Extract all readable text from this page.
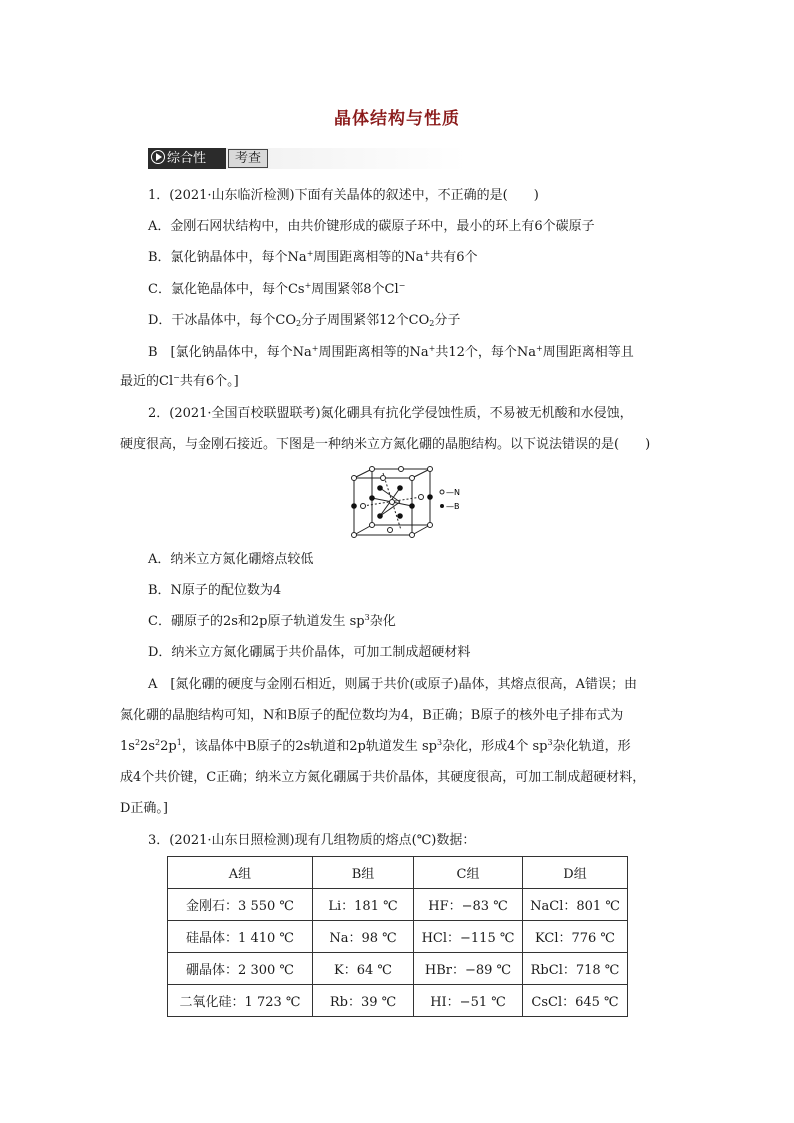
晶体结构与性质
综合性	考查
1．(2021·山东临沂检测)下面有关晶体的叙述中，不正确的是(　　)
A．金刚石网状结构中，由共价键形成的碳原子环中，最小的环上有6个碳原子
B．氯化钠晶体中，每个Na+周围距离相等的Na+共有6个
C．氯化铯晶体中，每个Cs+周围紧邻8个Cl−
D．干冰晶体中，每个$CO_2$分子周围紧邻12个$CO_2$分子
B　[氯化钠晶体中，每个Na+周围距离相等的Na+共12个，每个Na+周围距离相等且
最近的Cl−共有6个。]
2．(2021·全国百校联盟联考)氮化硼具有抗化学侵蚀性质，不易被无机酸和水侵蚀，
硬度很高，与金刚石接近。下图是一种纳米立方氮化硼的晶胞结构。以下说法错误的是(　　)
—N
—B
A．纳米立方氮化硼熔点较低
B．N原子的配位数为4
C．硼原子的2s和2p原子轨道发生 $sp^3$杂化
D．纳米立方氮化硼属于共价晶体，可加工制成超硬材料
A　[氮化硼的硬度与金刚石相近，则属于共价(或原子)晶体，其熔点很高，A错误；由
氮化硼的晶胞结构可知，N和B原子的配位数均为4，B正确；B原子的核外电子排布式为
$1s^22s^22p^1$，该晶体中B原子的2s轨道和2p轨道发生 $sp^3$杂化，形成4个 $sp^3$杂化轨道，形
成4个共价键，C正确；纳米立方氮化硼属于共价晶体，其硬度很高，可加工制成超硬材料，
D正确。]
3．(2021·山东日照检测)现有几组物质的熔点(℃)数据：
A组	B组	C组	D组
金刚石：3 550 ℃	Li：181 ℃	HF：−83 ℃	NaCl：801 ℃
硅晶体：1 410 ℃	Na：98 ℃	HCl：−115 ℃	KCl：776 ℃
硼晶体：2 300 ℃	K：64 ℃	HBr：−89 ℃	RbCl：718 ℃
二氧化硅：1 723 ℃	Rb：39 ℃	HI：−51 ℃	CsCl：645 ℃
